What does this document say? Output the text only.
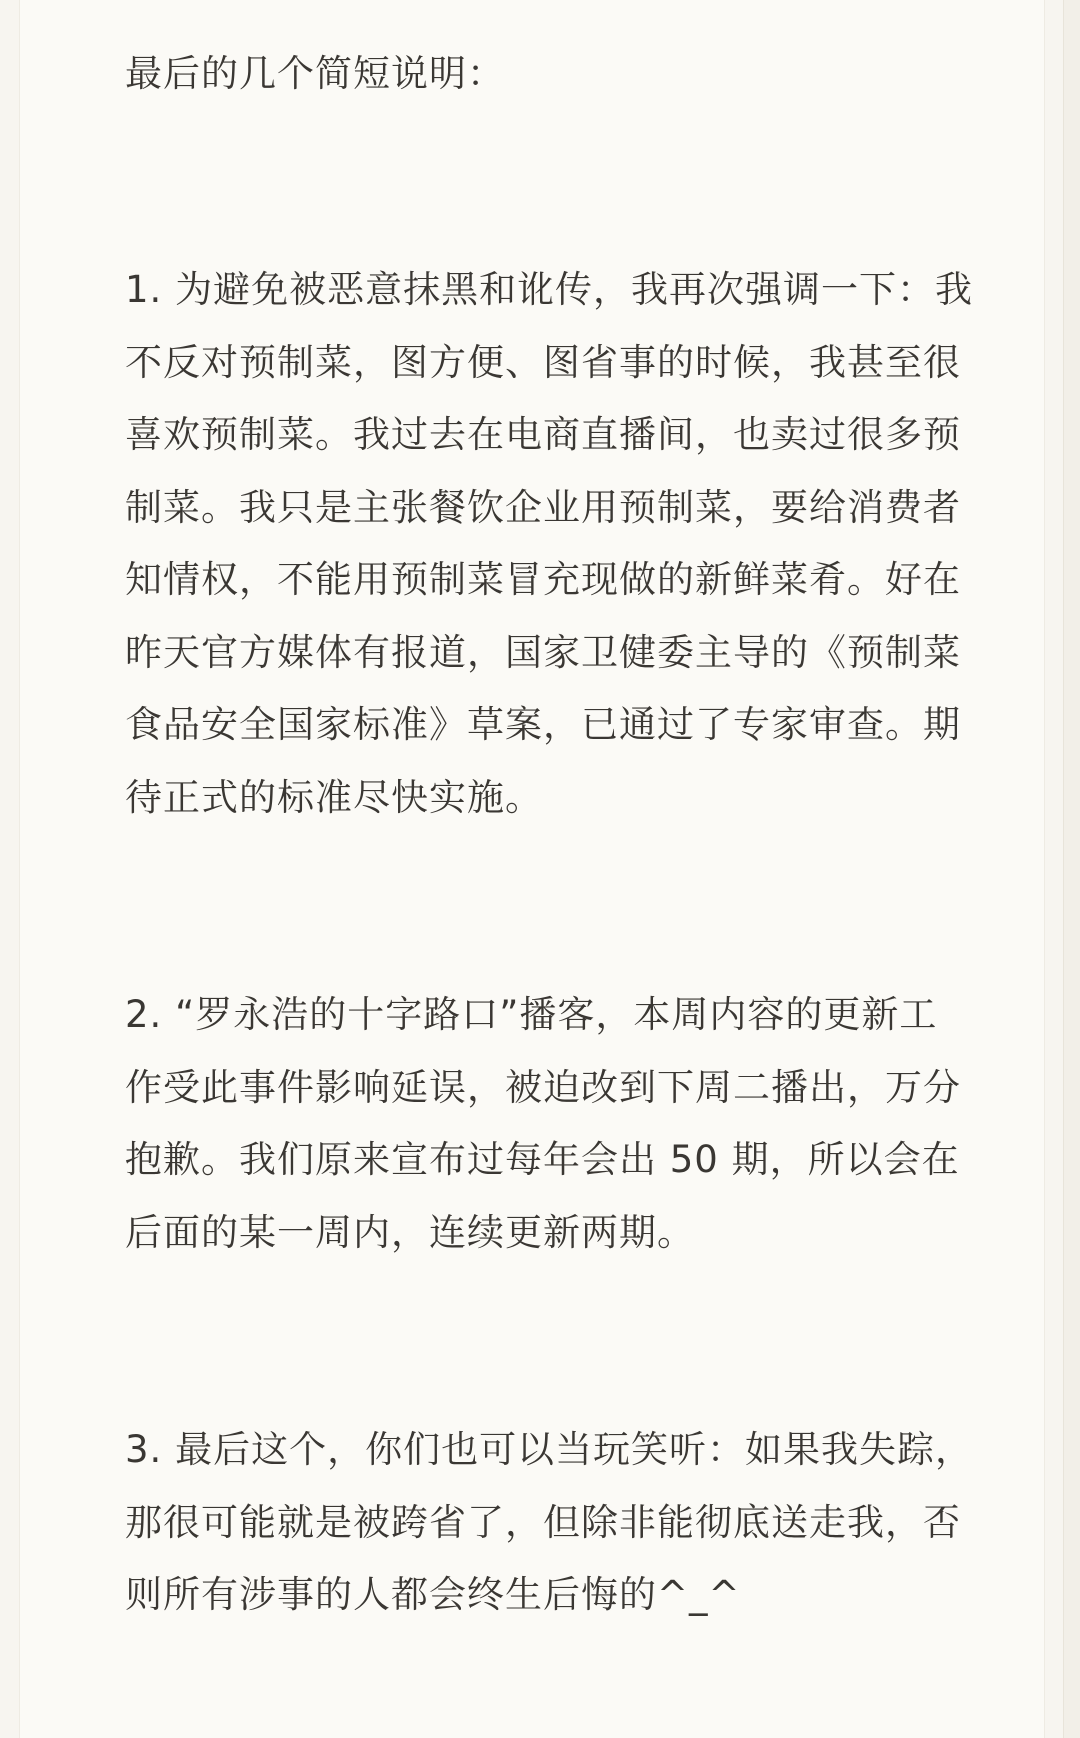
最后的几个简短说明：

1. 为避免被恶意抹黑和讹传，我再次强调一下：我不反对预制菜，图方便、图省事的时候，我甚至很喜欢预制菜。我过去在电商直播间，也卖过很多预制菜。我只是主张餐饮企业用预制菜，要给消费者知情权，不能用预制菜冒充现做的新鲜菜肴。好在昨天官方媒体有报道，国家卫健委主导的《预制菜食品安全国家标准》草案，已通过了专家审查。期待正式的标准尽快实施。

2. “罗永浩的十字路口”播客，本周内容的更新工作受此事件影响延误，被迫改到下周二播出，万分抱歉。我们原来宣布过每年会出 50 期，所以会在后面的某一周内，连续更新两期。

3. 最后这个，你们也可以当玩笑听：如果我失踪，那很可能就是被跨省了，但除非能彻底送走我，否则所有涉事的人都会终生后悔的^_^
